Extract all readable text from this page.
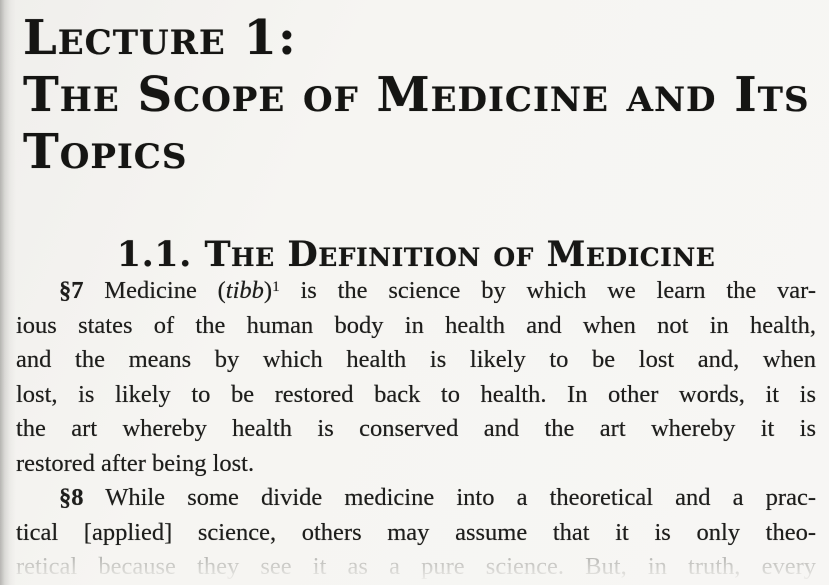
Lecture 1:
The Scope of Medicine and Its
Topics
1.1. The Definition of Medicine
§7 Medicine (tibb)$^1$ is the science by which we learn the var-
ious states of the human body in health and when not in health,
and the means by which health is likely to be lost and, when
lost, is likely to be restored back to health. In other words, it is
the art whereby health is conserved and the art whereby it is
restored after being lost.
§8 While some divide medicine into a theoretical and a prac-
tical [applied] science, others may assume that it is only theo-
retical because they see it as a pure science. But, in truth, every
